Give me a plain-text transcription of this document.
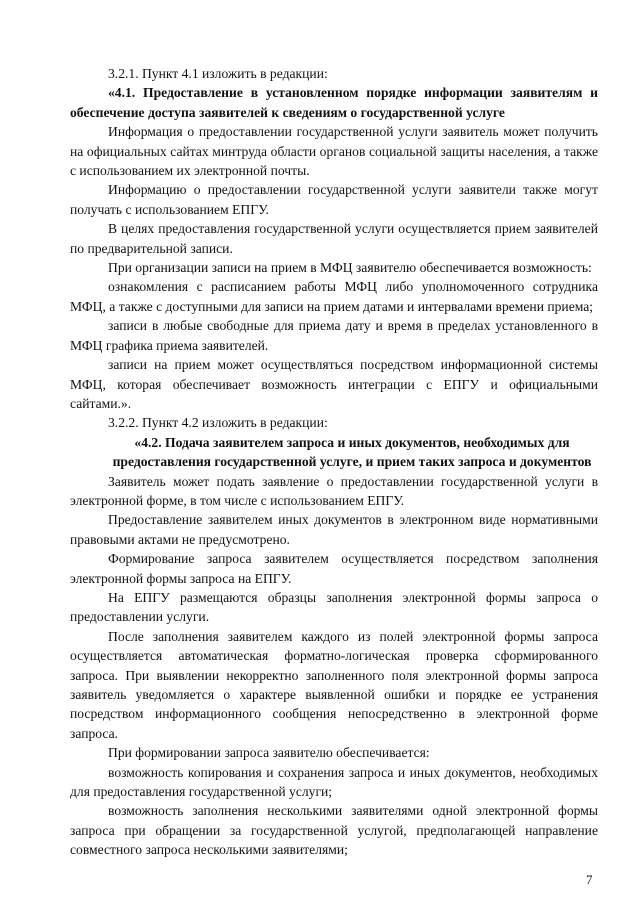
3.2.1. Пункт 4.1 изложить в редакции:

«4.1. Предоставление в установленном порядке информации заявителям и обеспечение доступа заявителей к сведениям о государственной услуге

Информация о предоставлении государственной услуги заявитель может получить на официальных сайтах минтруда области органов социальной защиты населения, а также с использованием их электронной почты.

Информацию о предоставлении государственной услуги заявители также могут получать с использованием ЕПГУ.

В целях предоставления государственной услуги осуществляется прием заявителей по предварительной записи.

При организации записи на прием в МФЦ заявителю обеспечивается возможность:

ознакомления с расписанием работы МФЦ либо уполномоченного сотрудника МФЦ, а также с доступными для записи на прием датами и интервалами времени приема;

записи в любые свободные для приема дату и время в пределах установленного в МФЦ графика приема заявителей.

записи на прием может осуществляться посредством информационной системы МФЦ, которая обеспечивает возможность интеграции с ЕПГУ и официальными сайтами.».

3.2.2. Пункт 4.2 изложить в редакции:

«4.2. Подача заявителем запроса и иных документов, необходимых для предоставления государственной услуге, и прием таких запроса и документов

Заявитель может подать заявление о предоставлении государственной услуги в электронной форме, в том числе с использованием ЕПГУ.

Предоставление заявителем иных документов в электронном виде нормативными правовыми актами не предусмотрено.

Формирование запроса заявителем осуществляется посредством заполнения электронной формы запроса на ЕПГУ.

На ЕПГУ размещаются образцы заполнения электронной формы запроса о предоставлении услуги.

После заполнения заявителем каждого из полей электронной формы запроса осуществляется автоматическая форматно-логическая проверка сформированного запроса. При выявлении некорректно заполненного поля электронной формы запроса заявитель уведомляется о характере выявленной ошибки и порядке ее устранения посредством информационного сообщения непосредственно в электронной форме запроса.

При формировании запроса заявителю обеспечивается:

возможность копирования и сохранения запроса и иных документов, необходимых для предоставления государственной услуги;

возможность заполнения несколькими заявителями одной электронной формы запроса при обращении за государственной услугой, предполагающей направление совместного запроса несколькими заявителями;

7
